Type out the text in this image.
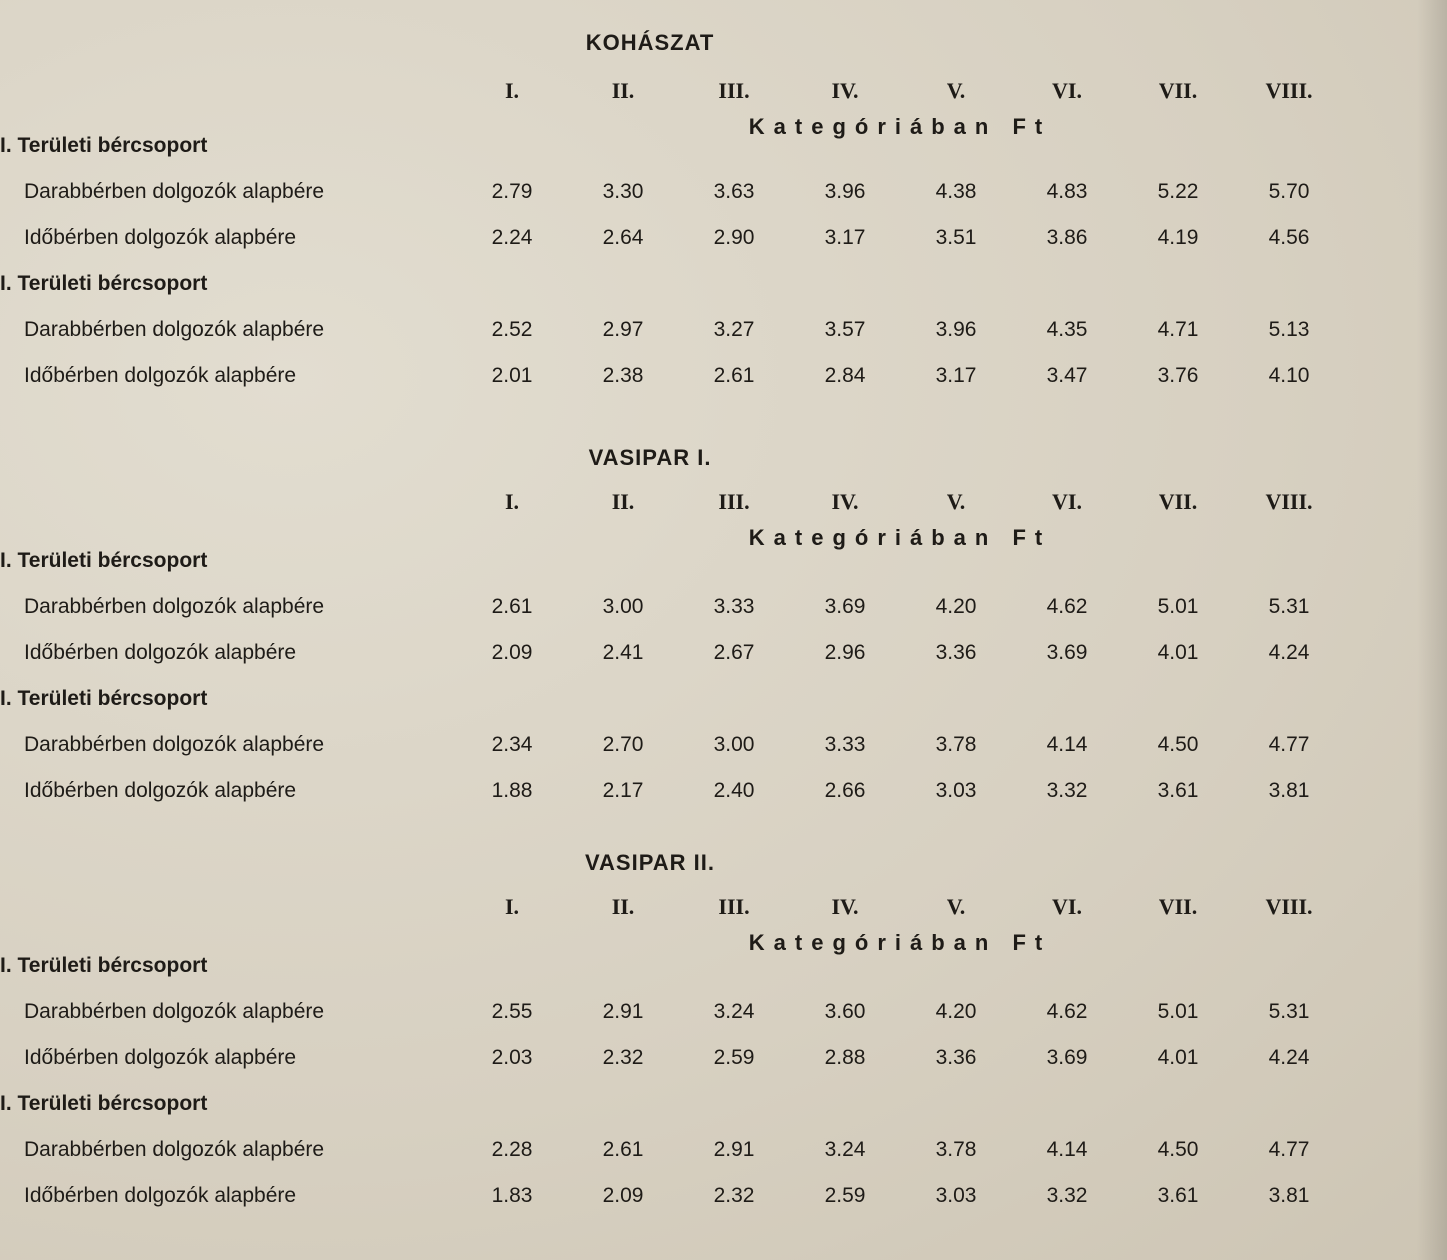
KOHÁSZAT
I.	II.	III.	IV.	V.	VI.	VII.	VIII.
Kategóriában Ft
I. Területi bércsoport
Darabbérben dolgozók alapbére	2.79	3.30	3.63	3.96	4.38	4.83	5.22	5.70
Időbérben dolgozók alapbére	2.24	2.64	2.90	3.17	3.51	3.86	4.19	4.56
I. Területi bércsoport
Darabbérben dolgozók alapbére	2.52	2.97	3.27	3.57	3.96	4.35	4.71	5.13
Időbérben dolgozók alapbére	2.01	2.38	2.61	2.84	3.17	3.47	3.76	4.10
VASIPAR I.
I.	II.	III.	IV.	V.	VI.	VII.	VIII.
Kategóriában Ft
I. Területi bércsoport
Darabbérben dolgozók alapbére	2.61	3.00	3.33	3.69	4.20	4.62	5.01	5.31
Időbérben dolgozók alapbére	2.09	2.41	2.67	2.96	3.36	3.69	4.01	4.24
I. Területi bércsoport
Darabbérben dolgozók alapbére	2.34	2.70	3.00	3.33	3.78	4.14	4.50	4.77
Időbérben dolgozók alapbére	1.88	2.17	2.40	2.66	3.03	3.32	3.61	3.81
VASIPAR II.
I.	II.	III.	IV.	V.	VI.	VII.	VIII.
Kategóriában Ft
I. Területi bércsoport
Darabbérben dolgozók alapbére	2.55	2.91	3.24	3.60	4.20	4.62	5.01	5.31
Időbérben dolgozók alapbére	2.03	2.32	2.59	2.88	3.36	3.69	4.01	4.24
I. Területi bércsoport
Darabbérben dolgozók alapbére	2.28	2.61	2.91	3.24	3.78	4.14	4.50	4.77
Időbérben dolgozók alapbére	1.83	2.09	2.32	2.59	3.03	3.32	3.61	3.81
